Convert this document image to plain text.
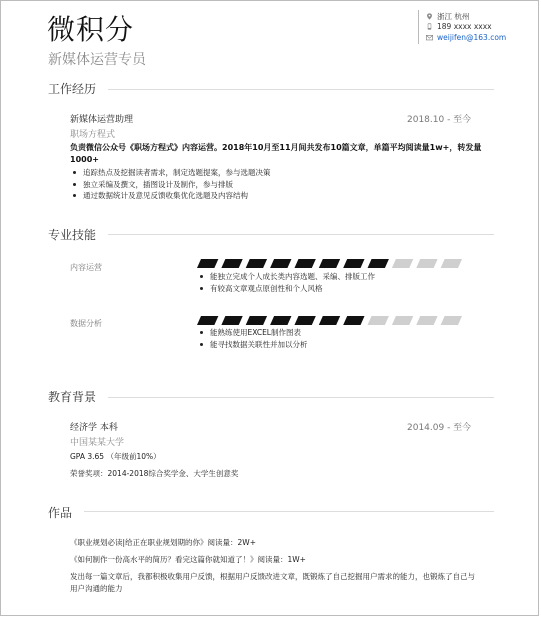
微积分
新媒体运营专员
浙江 杭州
189 xxxx xxxx
weijifen@163.com
工作经历
新媒体运营助理	2018.10 - 至今
职场方程式
负责微信公众号《职场方程式》内容运营。2018年10月至11月间共发布10篇文章，单篇平均阅读量1w+，转发量1000+
追踪热点及挖掘读者需求，制定选题提案，参与选题决策
独立采编及撰文，插图设计及制作，参与排版
通过数据统计及意见反馈收集优化选题及内容结构
专业技能
内容运营
能独立完成个人成长类内容选题、采编、排版工作
有较高文章观点原创性和个人风格
数据分析
能熟练使用EXCEL制作图表
能寻找数据关联性并加以分析
教育背景
经济学 本科	2014.09 - 至今
中国某某大学
GPA 3.65 （年级前10%）
荣誉奖项：2014-2018综合奖学金、大学生创意奖
作品
《职业规划必读|给正在职业规划期的你》阅读量：2W+
《如何制作一份高水平的简历？看完这篇你就知道了！》阅读量：1W+
发出每一篇文章后，我都积极收集用户反馈，根据用户反馈改进文章，既锻炼了自己挖掘用户需求的能力，也锻炼了自己与用户沟通的能力
